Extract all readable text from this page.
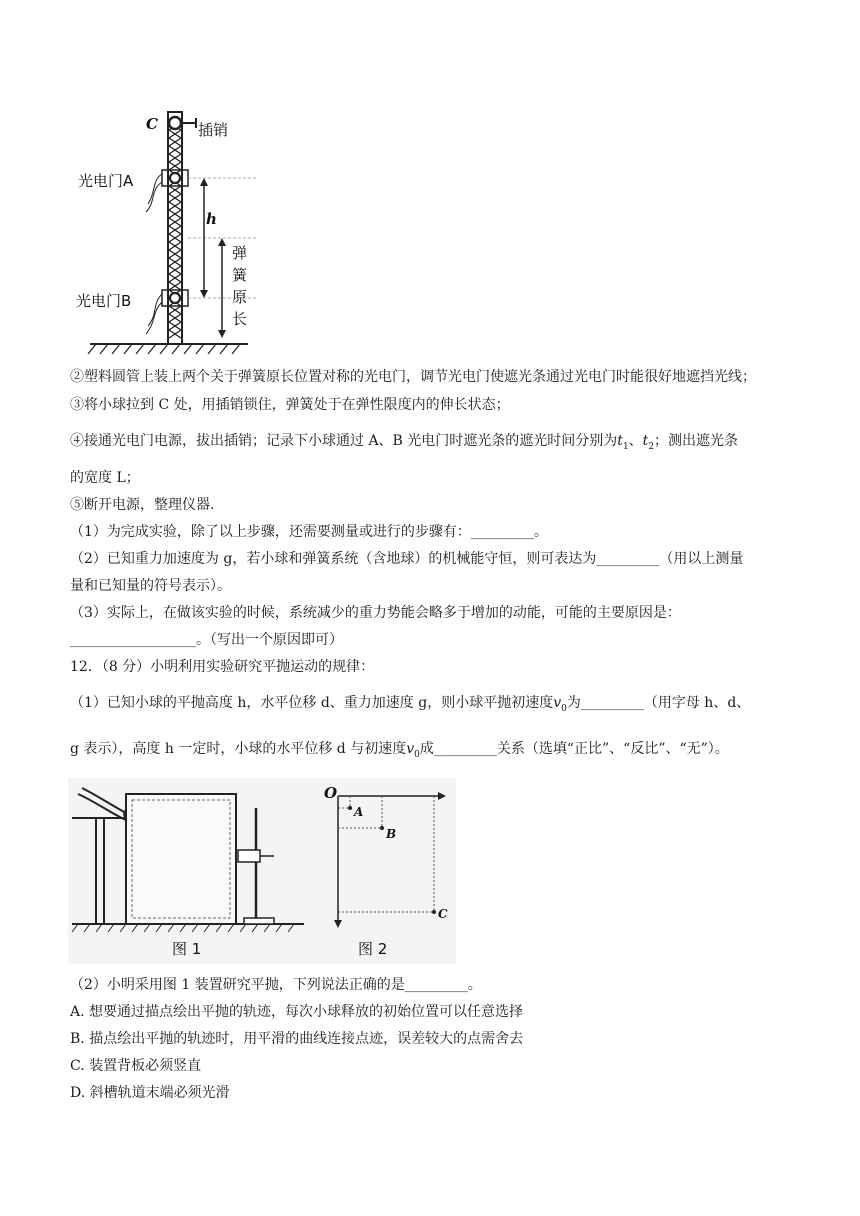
C	插销
光电门A
光电门B
h
弹
簧
原
长
②塑料圆管上装上两个关于弹簧原长位置对称的光电门，调节光电门使遮光条通过光电门时能很好地遮挡光线；
③将小球拉到 C 处，用插销锁住，弹簧处于在弹性限度内的伸长状态；
④接通光电门电源，拔出插销；记录下小球通过 A、B 光电门时遮光条的遮光时间分别为$t_1$、$t_2$；测出遮光条
的宽度 L；
⑤断开电源，整理仪器.
（1）为完成实验，除了以上步骤，还需要测量或进行的步骤有：_________。
（2）已知重力加速度为 g，若小球和弹簧系统（含地球）的机械能守恒，则可表达为_________（用以上测量
量和已知量的符号表示）。
（3）实际上，在做该实验的时候，系统减少的重力势能会略多于增加的动能，可能的主要原因是：
__________________。（写出一个原因即可）
12．（8 分）小明利用实验研究平抛运动的规律：
（1）已知小球的平抛高度 h，水平位移 d、重力加速度 g，则小球平抛初速度$v_0$为_________（用字母 h、d、
g 表示），高度 h 一定时，小球的水平位移 d 与初速度$v_0$成_________关系（选填“正比”、“反比”、“无”）。
图 1
O
A
B
C
图 2
（2）小明采用图 1 装置研究平抛，下列说法正确的是_________。
A. 想要通过描点绘出平抛的轨迹，每次小球释放的初始位置可以任意选择
B. 描点绘出平抛的轨迹时，用平滑的曲线连接点迹，误差较大的点需舍去
C. 装置背板必须竖直
D. 斜槽轨道末端必须光滑
